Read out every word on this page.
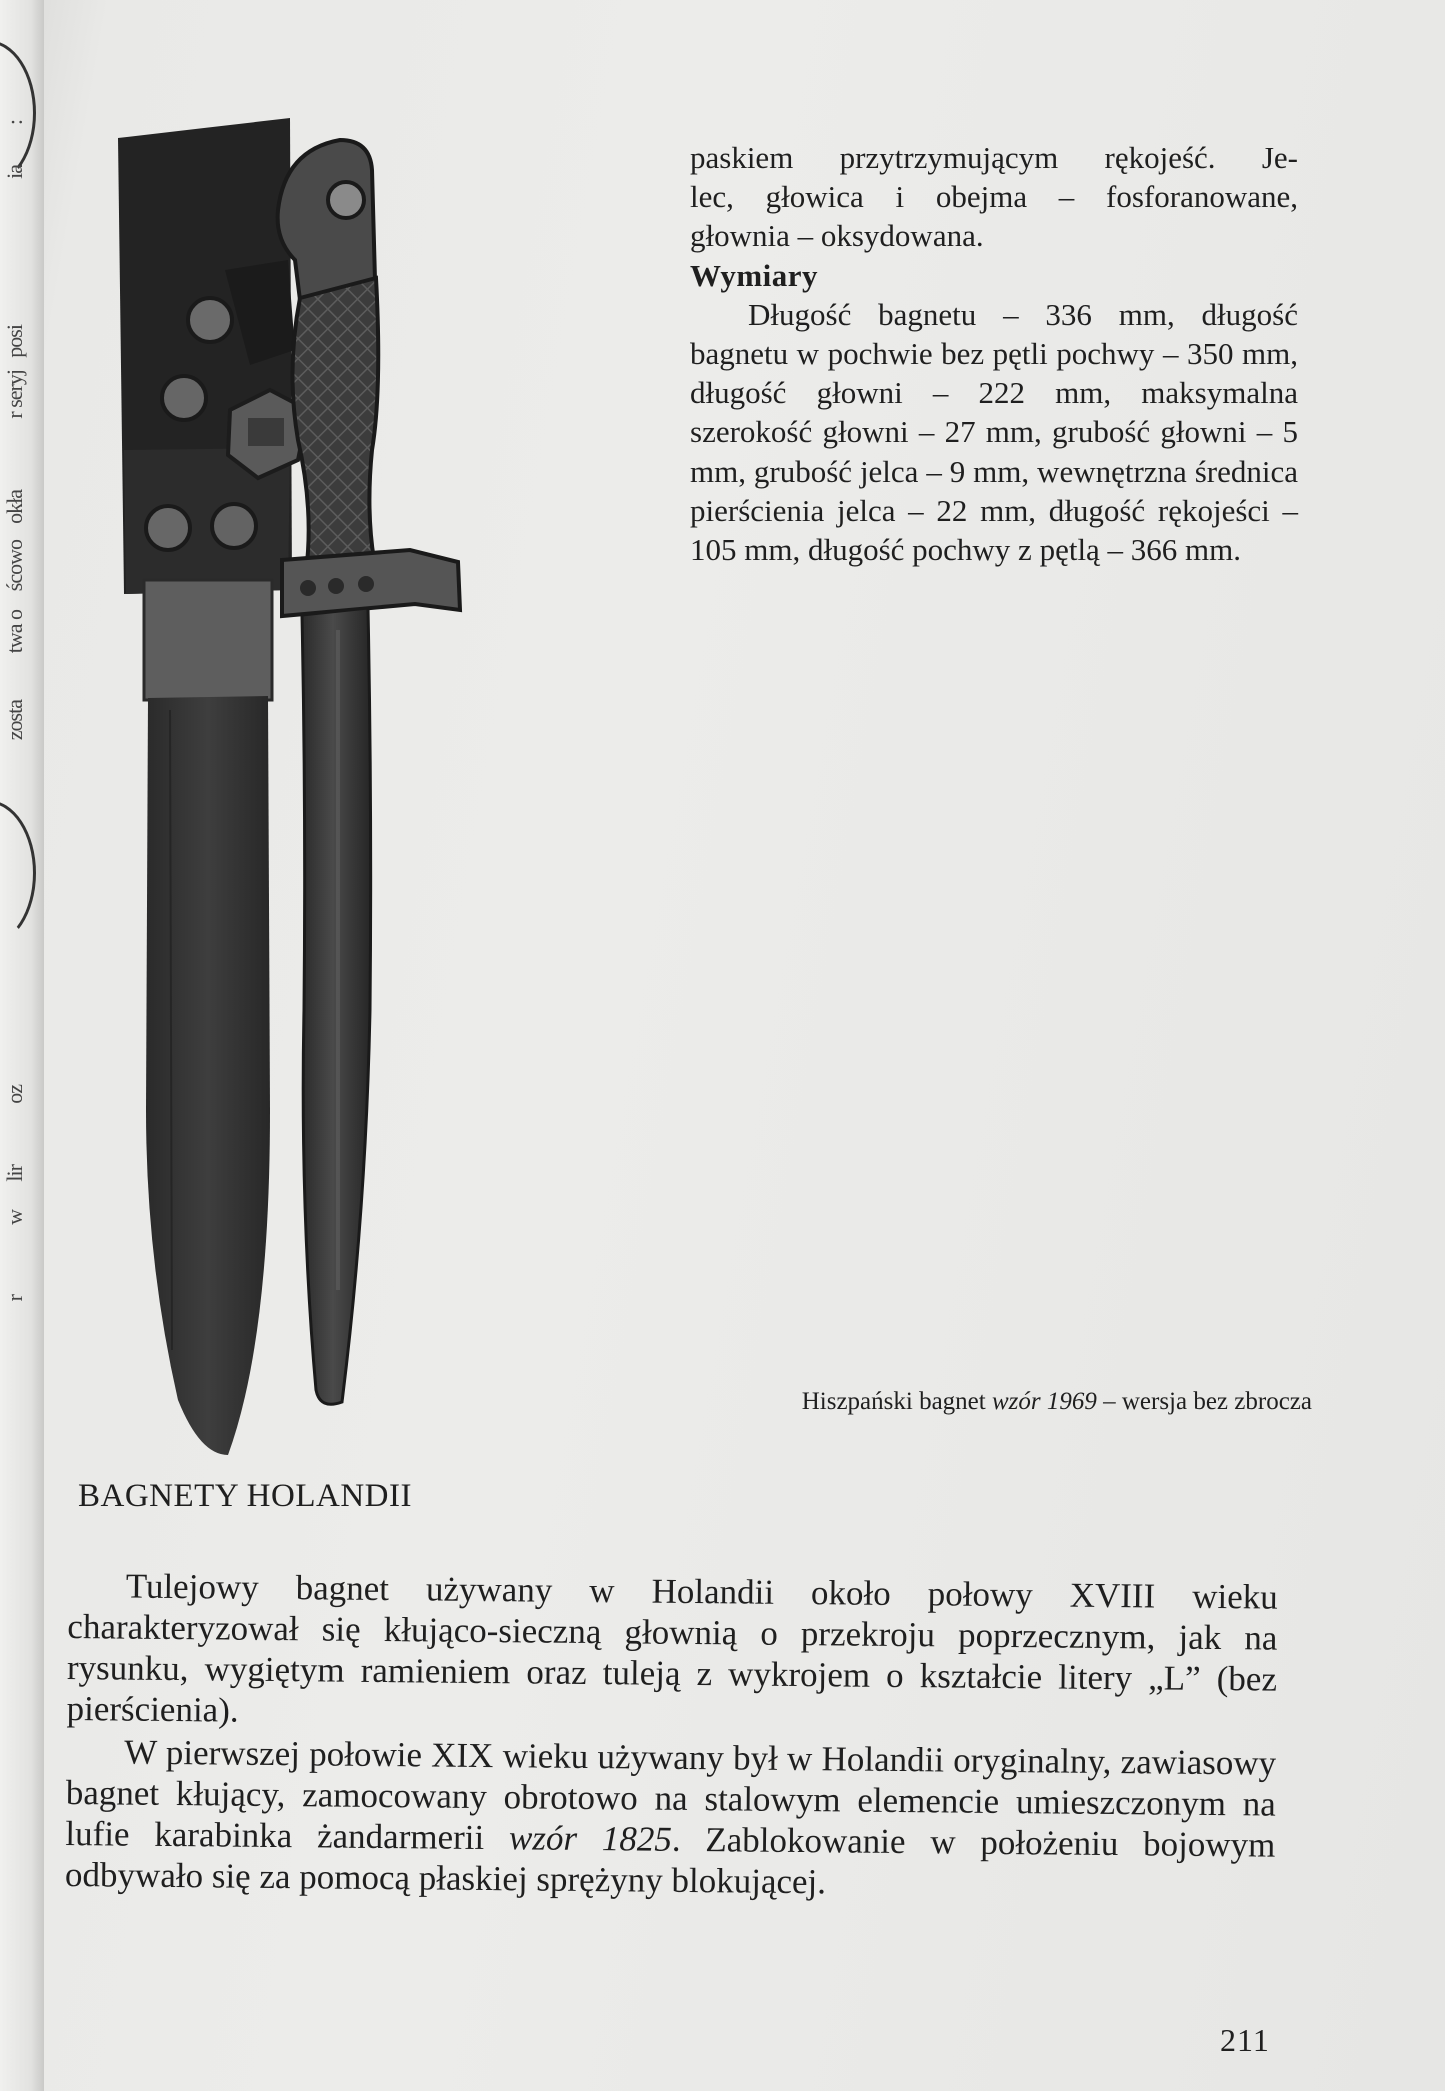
:
ia
posi
r seryj
okła
ścowo
twa o
zosta
oz
lir
w
r

paskiem przytrzymującym rękojeść. Je-

lec, głowica i obejma – fosforanowane,

głownia – oksydowana.

Wymiary

Długość bagnetu – 336 mm, długość bagnetu w pochwie bez pętli pochwy – 350 mm, długość głowni – 222 mm, maksymalna szerokość głowni – 27 mm, grubość głowni – 5 mm, grubość jelca – 9 mm, wewnętrzna średnica pierścienia jelca – 22 mm, długość rękojeści – 105 mm, długość pochwy z pętlą – 366 mm.

Hiszpański bagnet wzór 1969 – wersja bez zbrocza
BAGNETY HOLANDII

Tulejowy bagnet używany w Holandii około połowy XVIII wieku charakteryzował się kłująco-sieczną głownią o przekroju poprzecznym, jak na rysunku, wygiętym ramieniem oraz tuleją z wykrojem o kształcie litery „L” (bez pierścienia).

W pierwszej połowie XIX wieku używany był w Holandii oryginalny, zawiasowy bagnet kłujący, zamocowany obrotowo na stalowym elemencie umieszczonym na lufie karabinka żandarmerii wzór 1825. Zablokowanie w położeniu bojowym odbywało się za pomocą płaskiej sprężyny blokującej.

211
